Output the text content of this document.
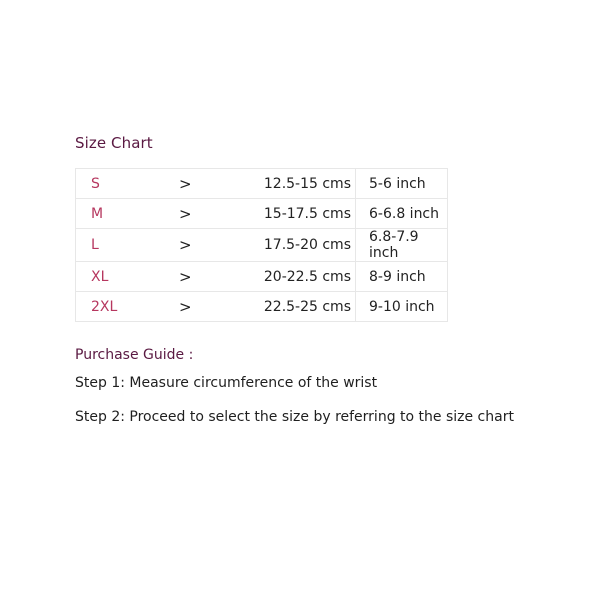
Size Chart
S	>	12.5-15 cms	5-6 inch
M	>	15-17.5 cms	6-6.8 inch
L	>	17.5-20 cms	6.8-7.9 inch
XL	>	20-22.5 cms	8-9 inch
2XL	>	22.5-25 cms	9-10 inch
Purchase Guide :
Step 1: Measure circumference of the wrist
Step 2: Proceed to select the size by referring to the size chart
